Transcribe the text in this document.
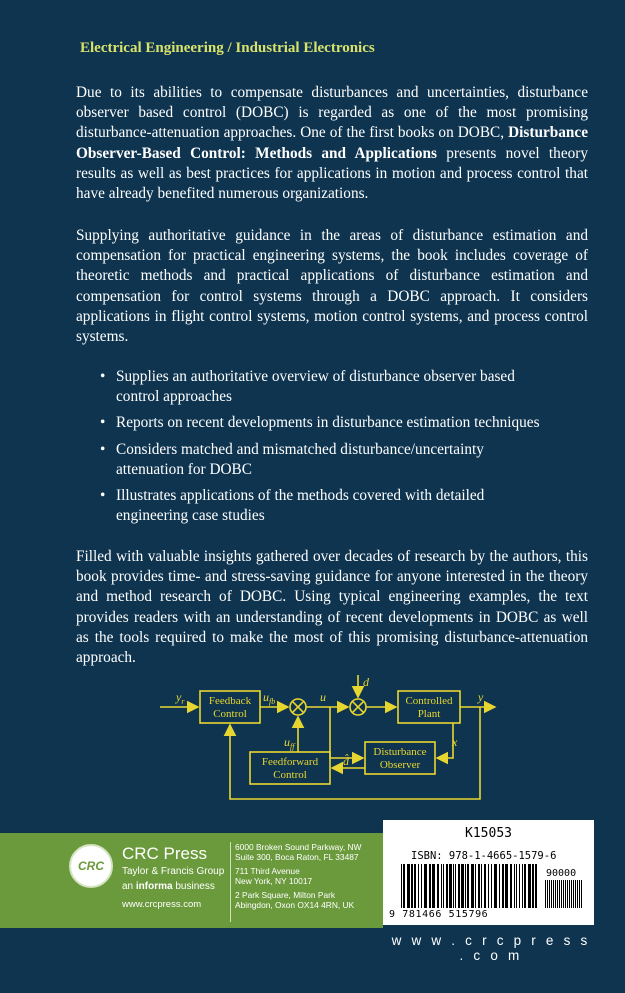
Electrical Engineering / Industrial Electronics

Due to its abilities to compensate disturbances and uncertainties, disturbance observer based control (DOBC) is regarded as one of the most promising disturbance-attenuation approaches. One of the first books on DOBC, Disturbance Observer-Based Control: Methods and Applications presents novel theory results as well as best practices for applications in motion and process control that have already benefited numerous organizations.

Supplying authoritative guidance in the areas of disturbance estimation and compensation for practical engineering systems, the book includes coverage of theoretic methods and practical applications of disturbance estimation and compensation for control systems through a DOBC approach. It considers applications in flight control systems, motion control systems, and process control systems.

• Supplies an authoritative overview of disturbance observer based
control approaches
• Reports on recent developments in disturbance estimation techniques
• Considers matched and mismatched disturbance/uncertainty
attenuation for DOBC
• Illustrates applications of the methods covered with detailed
engineering case studies

Filled with valuable insights gathered over decades of research by the authors, this book provides time- and stress-saving guidance for anyone interested in the theory and method research of DOBC. Using typical engineering examples, the text provides readers with an understanding of recent developments in DOBC as well as the tools required to make the most of this promising disturbance-attenuation approach.

Feedback
Control
Controlled
Plant
Disturbance
Observer
Feedforward
Control
$y_r$	$u_{fb}$	u
d
y
x
$u_{ff}$
d̂
CRC
CRC Press
Taylor & Francis Group
an informa business
www.crcpress.com
6000 Broken Sound Parkway, NW
Suite 300, Boca Raton, FL 33487
711 Third Avenue
New York, NY 10017
2 Park Square, Milton Park
Abingdon, Oxon OX14 4RN, UK
K15053
ISBN: 978-1-4665-1579-6
90000
9 781466 515796
w w w . c r c p r e s s . c o m
